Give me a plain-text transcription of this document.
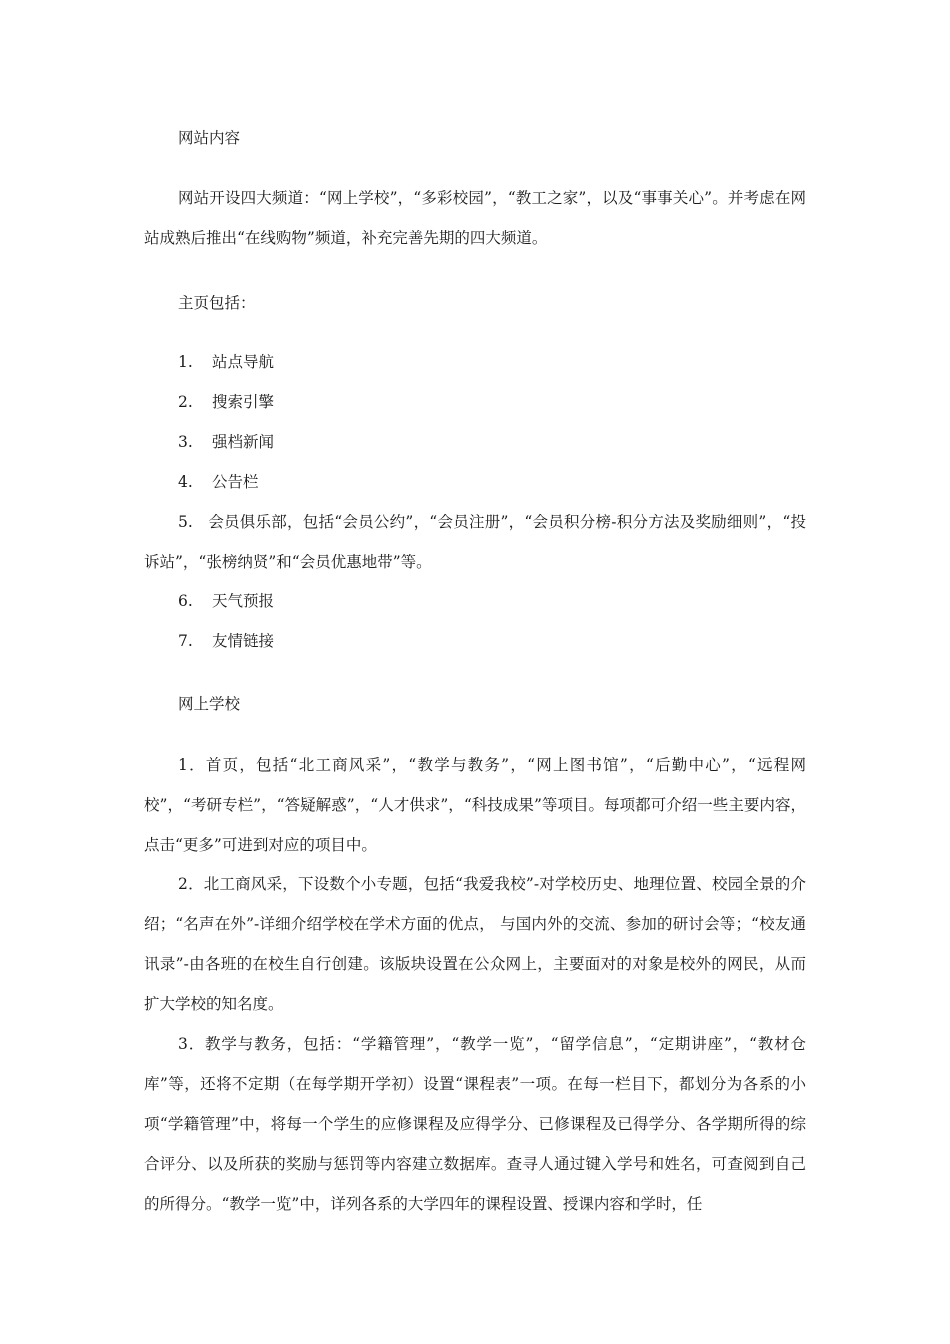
网站内容

网站开设四大频道：“网上学校”，“多彩校园”，“教工之家”，以及“事事关心”。并考虑在网站成熟后推出“在线购物”频道，补充完善先期的四大频道。

主页包括：

1. 站点导航
2. 搜索引擎
3. 强档新闻
4. 公告栏

5. 会员俱乐部，包括“会员公约”，“会员注册”，“会员积分榜-积分方法及奖励细则”，“投诉站”，“张榜纳贤”和“会员优惠地带”等。

6. 天气预报
7. 友情链接

网上学校

1．首页，包括“北工商风采”，“教学与教务”，“网上图书馆”，“后勤中心”，“远程网校”，“考研专栏”，“答疑解惑”，“人才供求”，“科技成果”等项目。每项都可介绍一些主要内容，点击“更多”可进到对应的项目中。

2．北工商风采，下设数个小专题，包括“我爱我校”-对学校历史、地理位置、校园全景的介绍；“名声在外”-详细介绍学校在学术方面的优点， 与国内外的交流、参加的研讨会等；“校友通讯录”-由各班的在校生自行创建。该版块设置在公众网上，主要面对的对象是校外的网民，从而扩大学校的知名度。

3．教学与教务，包括：“学籍管理”，“教学一览”，“留学信息”，“定期讲座”，“教材仓库”等，还将不定期（在每学期开学初）设置“课程表”一项。在每一栏目下，都划分为各系的小项“学籍管理”中，将每一个学生的应修课程及应得学分、已修课程及已得学分、各学期所得的综合评分、以及所获的奖励与惩罚等内容建立数据库。查寻人通过键入学号和姓名，可查阅到自己的所得分。“教学一览”中，详列各系的大学四年的课程设置、授课内容和学时，任
